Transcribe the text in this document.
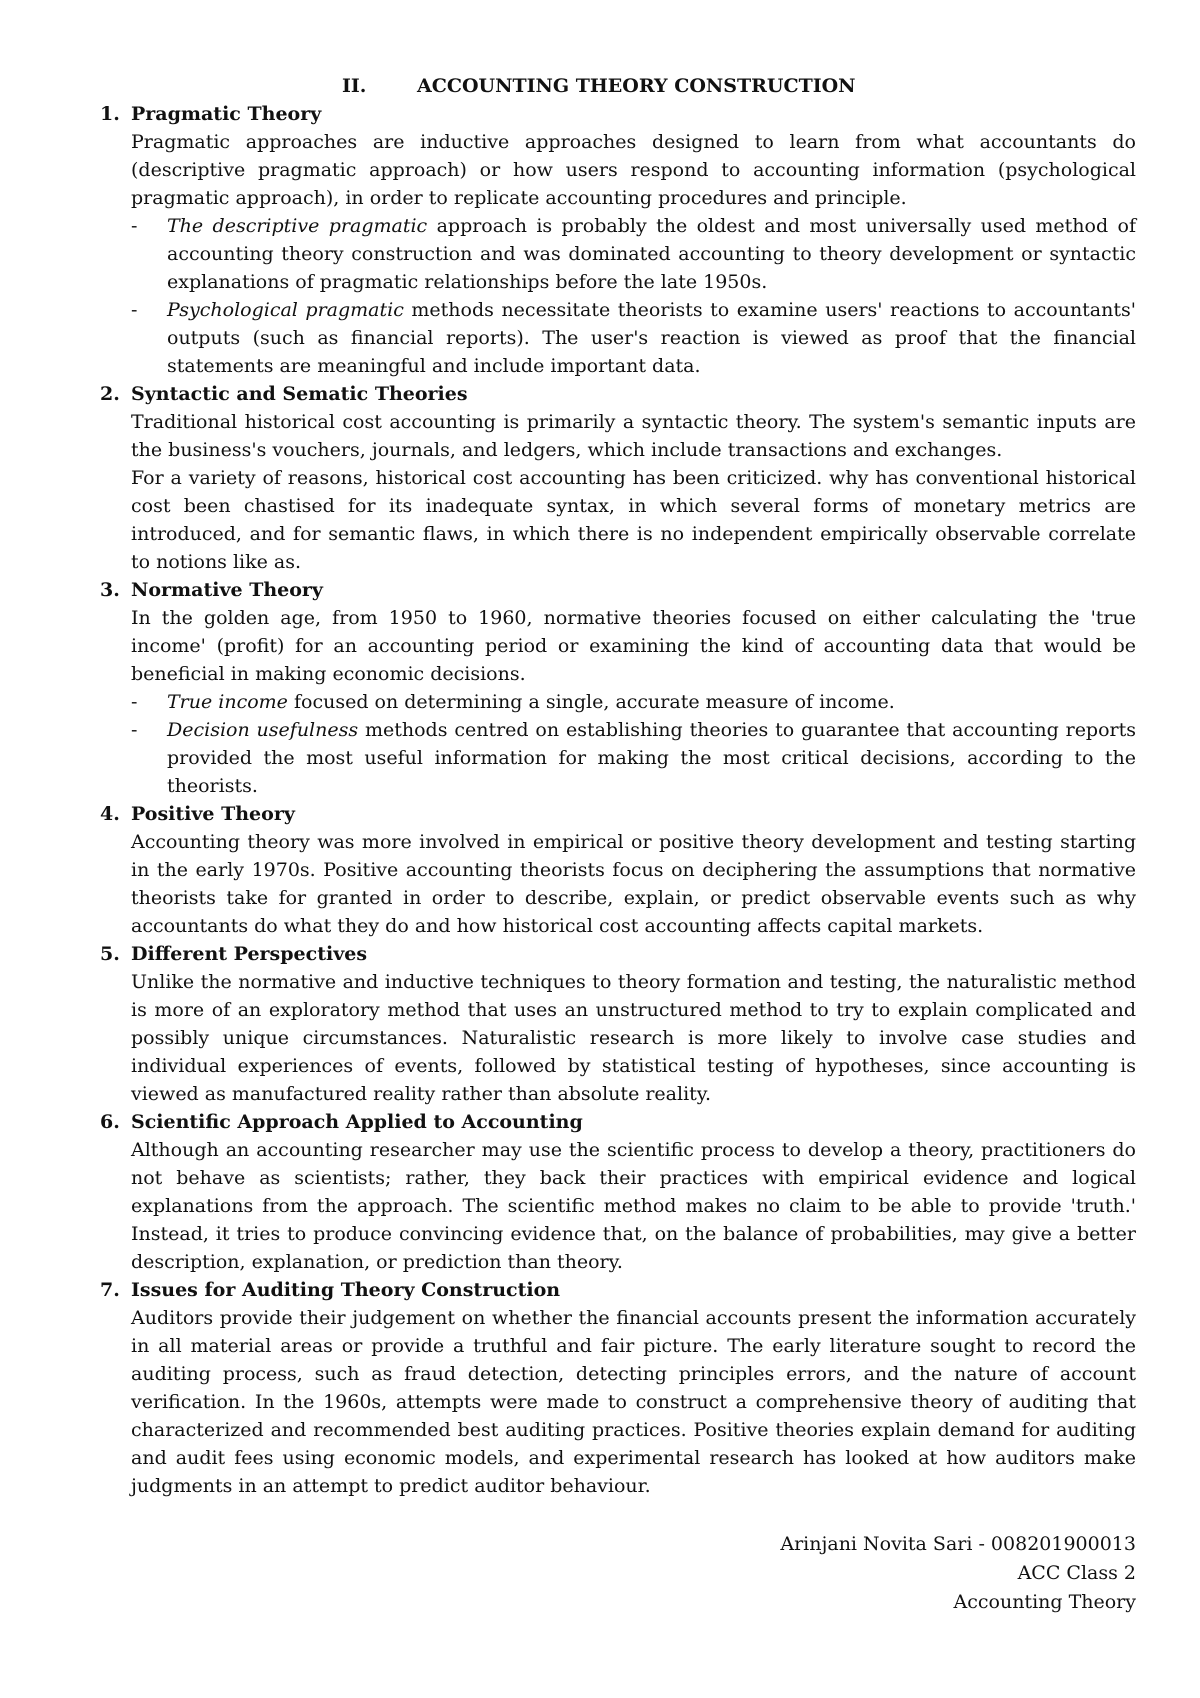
II.	ACCOUNTING THEORY CONSTRUCTION
1. Pragmatic Theory

Pragmatic approaches are inductive approaches designed to learn from what accountants do (descriptive pragmatic approach) or how users respond to accounting information (psychological pragmatic approach), in order to replicate accounting procedures and principle.

- The descriptive pragmatic approach is probably the oldest and most universally used method of accounting theory construction and was dominated accounting to theory development or syntactic explanations of pragmatic relationships before the late 1950s.
- Psychological pragmatic methods necessitate theorists to examine users' reactions to accountants' outputs (such as financial reports). The user's reaction is viewed as proof that the financial statements are meaningful and include important data.
2. Syntactic and Sematic Theories

Traditional historical cost accounting is primarily a syntactic theory. The system's semantic inputs are the business's vouchers, journals, and ledgers, which include transactions and exchanges.

For a variety of reasons, historical cost accounting has been criticized. why has conventional historical cost been chastised for its inadequate syntax, in which several forms of monetary metrics are introduced, and for semantic flaws, in which there is no independent empirically observable correlate to notions like as.

3. Normative Theory

In the golden age, from 1950 to 1960, normative theories focused on either calculating the 'true income' (profit) for an accounting period or examining the kind of accounting data that would be beneficial in making economic decisions.

- True income focused on determining a single, accurate measure of income.
- Decision usefulness methods centred on establishing theories to guarantee that accounting reports provided the most useful information for making the most critical decisions, according to the theorists.
4. Positive Theory

Accounting theory was more involved in empirical or positive theory development and testing starting in the early 1970s. Positive accounting theorists focus on deciphering the assumptions that normative theorists take for granted in order to describe, explain, or predict observable events such as why accountants do what they do and how historical cost accounting affects capital markets.

5. Different Perspectives

Unlike the normative and inductive techniques to theory formation and testing, the naturalistic method is more of an exploratory method that uses an unstructured method to try to explain complicated and possibly unique circumstances. Naturalistic research is more likely to involve case studies and individual experiences of events, followed by statistical testing of hypotheses, since accounting is viewed as manufactured reality rather than absolute reality.

6. Scientific Approach Applied to Accounting

Although an accounting researcher may use the scientific process to develop a theory, practitioners do not behave as scientists; rather, they back their practices with empirical evidence and logical explanations from the approach. The scientific method makes no claim to be able to provide 'truth.' Instead, it tries to produce convincing evidence that, on the balance of probabilities, may give a better description, explanation, or prediction than theory.

7. Issues for Auditing Theory Construction

Auditors provide their judgement on whether the financial accounts present the information accurately in all material areas or provide a truthful and fair picture. The early literature sought to record the auditing process, such as fraud detection, detecting principles errors, and the nature of account verification. In the 1960s, attempts were made to construct a comprehensive theory of auditing that characterized and recommended best auditing practices. Positive theories explain demand for auditing and audit fees using economic models, and experimental research has looked at how auditors make judgments in an attempt to predict auditor behaviour.

Arinjani Novita Sari - 008201900013
ACC Class 2
Accounting Theory
